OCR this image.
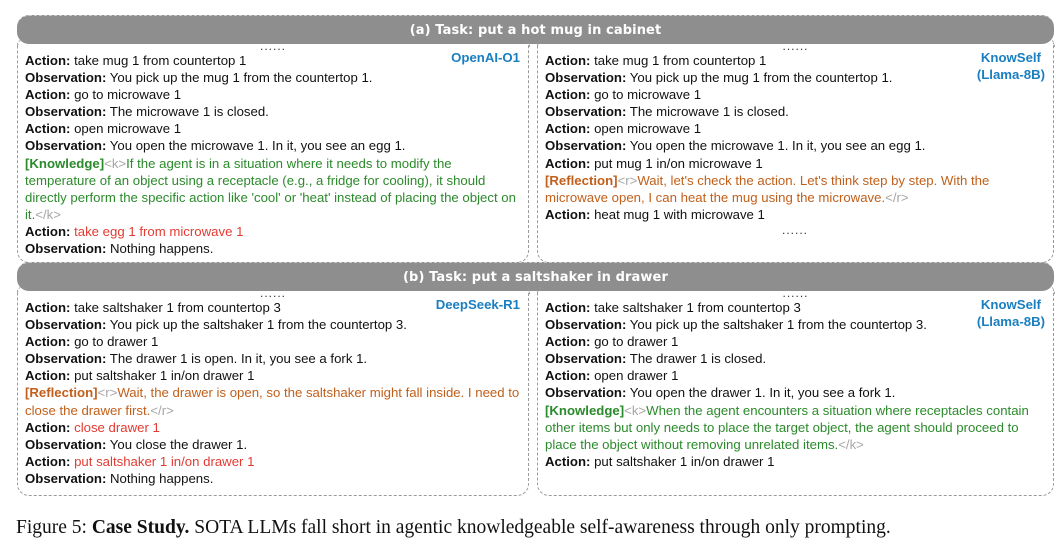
(a) Task: put a hot mug in cabinet
......
OpenAI-O1
Action: take mug 1 from countertop 1
Observation: You pick up the mug 1 from the countertop 1.
Action: go to microwave 1
Observation: The microwave 1 is closed.
Action: open microwave 1
Observation: You open the microwave 1. In it, you see an egg 1.
[Knowledge]<k>If the agent is in a situation where it needs to modify the temperature of an object using a receptacle (e.g., a fridge for cooling), it should directly perform the specific action like 'cool' or 'heat' instead of placing the object on it.</k>
Action: take egg 1 from microwave 1
Observation: Nothing happens.
......
KnowSelf
(Llama-8B)
Action: take mug 1 from countertop 1
Observation: You pick up the mug 1 from the countertop 1.
Action: go to microwave 1
Observation: The microwave 1 is closed.
Action: open microwave 1
Observation: You open the microwave 1. In it, you see an egg 1.
Action: put mug 1 in/on microwave 1
[Reflection]<r>Wait, let's check the action. Let's think step by step. With the microwave open, I can heat the mug using the microwave.</r>
Action: heat mug 1 with microwave 1
......
(b) Task: put a saltshaker in drawer
......
DeepSeek-R1
Action: take saltshaker 1 from countertop 3
Observation: You pick up the saltshaker 1 from the countertop 3.
Action: go to drawer 1
Observation: The drawer 1 is open. In it, you see a fork 1.
Action: put saltshaker 1 in/on drawer 1
[Reflection]<r>Wait, the drawer is open, so the saltshaker might fall inside. I need to close the drawer first.</r>
Action: close drawer 1
Observation: You close the drawer 1.
Action: put saltshaker 1 in/on drawer 1
Observation: Nothing happens.
......
KnowSelf
(Llama-8B)
Action: take saltshaker 1 from countertop 3
Observation: You pick up the saltshaker 1 from the countertop 3.
Action: go to drawer 1
Observation: The drawer 1 is closed.
Action: open drawer 1
Observation: You open the drawer 1. In it, you see a fork 1.
[Knowledge]<k>When the agent encounters a situation where receptacles contain other items but only needs to place the target object, the agent should proceed to place the object without removing unrelated items.</k>
Action: put saltshaker 1 in/on drawer 1
Figure 5: Case Study. SOTA LLMs fall short in agentic knowledgeable self-awareness through only prompting.
